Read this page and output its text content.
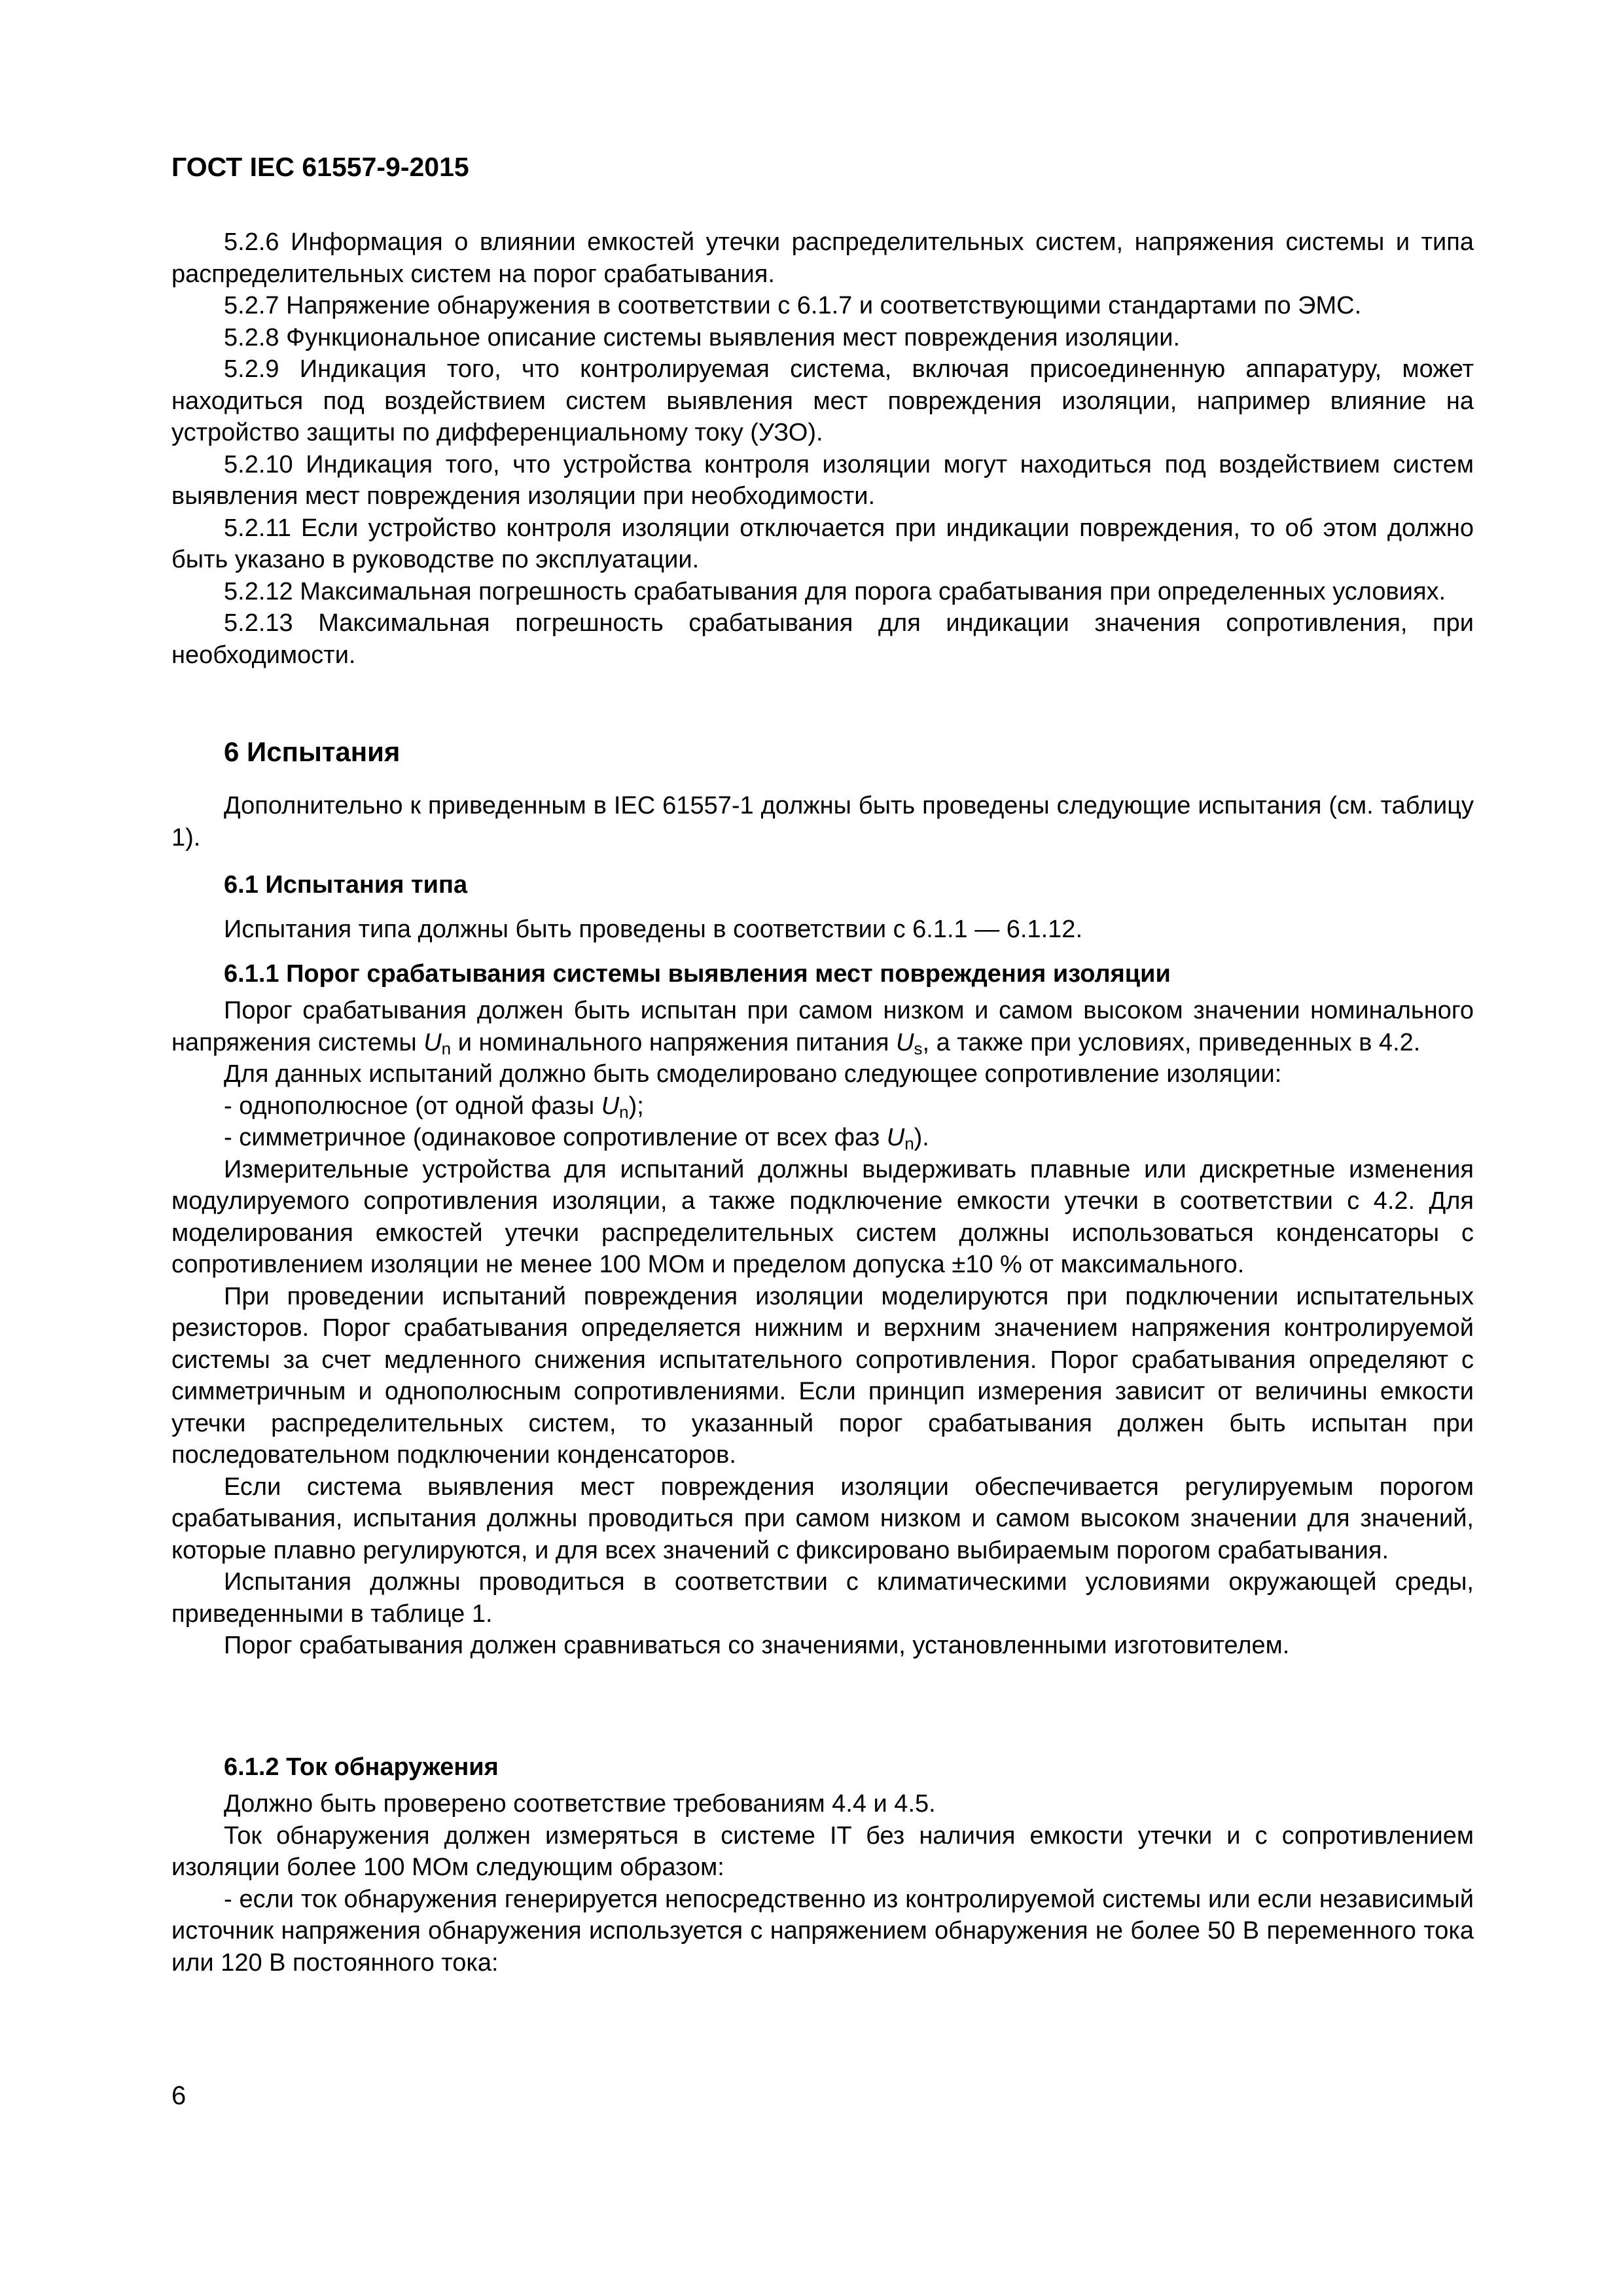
ГОСТ IEC 61557-9-2015

5.2.6 Информация о влиянии емкостей утечки распределительных систем, напряжения системы и типа распределительных систем на порог срабатывания.

5.2.7 Напряжение обнаружения в соответствии с 6.1.7 и соответствующими стандартами по ЭМС.

5.2.8 Функциональное описание системы выявления мест повреждения изоляции.

5.2.9 Индикация того, что контролируемая система, включая присоединенную аппаратуру, может находиться под воздействием систем выявления мест повреждения изоляции, например влияние на устройство защиты по дифференциальному току (УЗО).

5.2.10 Индикация того, что устройства контроля изоляции могут находиться под воздействием систем выявления мест повреждения изоляции при необходимости.

5.2.11 Если устройство контроля изоляции отключается при индикации повреждения, то об этом должно быть указано в руководстве по эксплуатации.

5.2.12 Максимальная погрешность срабатывания для порога срабатывания при определенных условиях.

5.2.13 Максимальная погрешность срабатывания для индикации значения сопротивления, при необходимости.

6 Испытания

Дополнительно к приведенным в IEC 61557-1 должны быть проведены следующие испытания (см. таблицу 1).

6.1 Испытания типа

Испытания типа должны быть проведены в соответствии с 6.1.1 — 6.1.12.

6.1.1 Порог срабатывания системы выявления мест повреждения изоляции

Порог срабатывания должен быть испытан при самом низком и самом высоком значении номинального напряжения системы $U_n$ и номинального напряжения питания $U_s$, а также при условиях, приведенных в 4.2.

Для данных испытаний должно быть смоделировано следующее сопротивление изоляции:

- однополюсное (от одной фазы $U_n$);

- симметричное (одинаковое сопротивление от всех фаз $U_n$).

Измерительные устройства для испытаний должны выдерживать плавные или дискретные изменения модулируемого сопротивления изоляции, а также подключение емкости утечки в соответствии с 4.2. Для моделирования емкостей утечки распределительных систем должны использоваться конденсаторы с сопротивлением изоляции не менее 100 МОм и пределом допуска ±10 % от максимального.

При проведении испытаний повреждения изоляции моделируются при подключении испытательных резисторов. Порог срабатывания определяется нижним и верхним значением напряжения контролируемой системы за счет медленного снижения испытательного сопротивления. Порог срабатывания определяют с симметричным и однополюсным сопротивлениями. Если принцип измерения зависит от величины емкости утечки распределительных систем, то указанный порог срабатывания должен быть испытан при последовательном подключении конденсаторов.

Если система выявления мест повреждения изоляции обеспечивается регулируемым порогом срабатывания, испытания должны проводиться при самом низком и самом высоком значении для значений, которые плавно регулируются, и для всех значений с фиксировано выбираемым порогом срабатывания.

Испытания должны проводиться в соответствии с климатическими условиями окружающей среды, приведенными в таблице 1.

Порог срабатывания должен сравниваться со значениями, установленными изготовителем.

6.1.2 Ток обнаружения

Должно быть проверено соответствие требованиям 4.4 и 4.5.

Ток обнаружения должен измеряться в системе IT без наличия емкости утечки и с сопротивлением изоляции более 100 МОм следующим образом:

- если ток обнаружения генерируется непосредственно из контролируемой системы или если независимый источник напряжения обнаружения используется с напряжением обнаружения не более 50 В переменного тока или 120 В постоянного тока:

6
